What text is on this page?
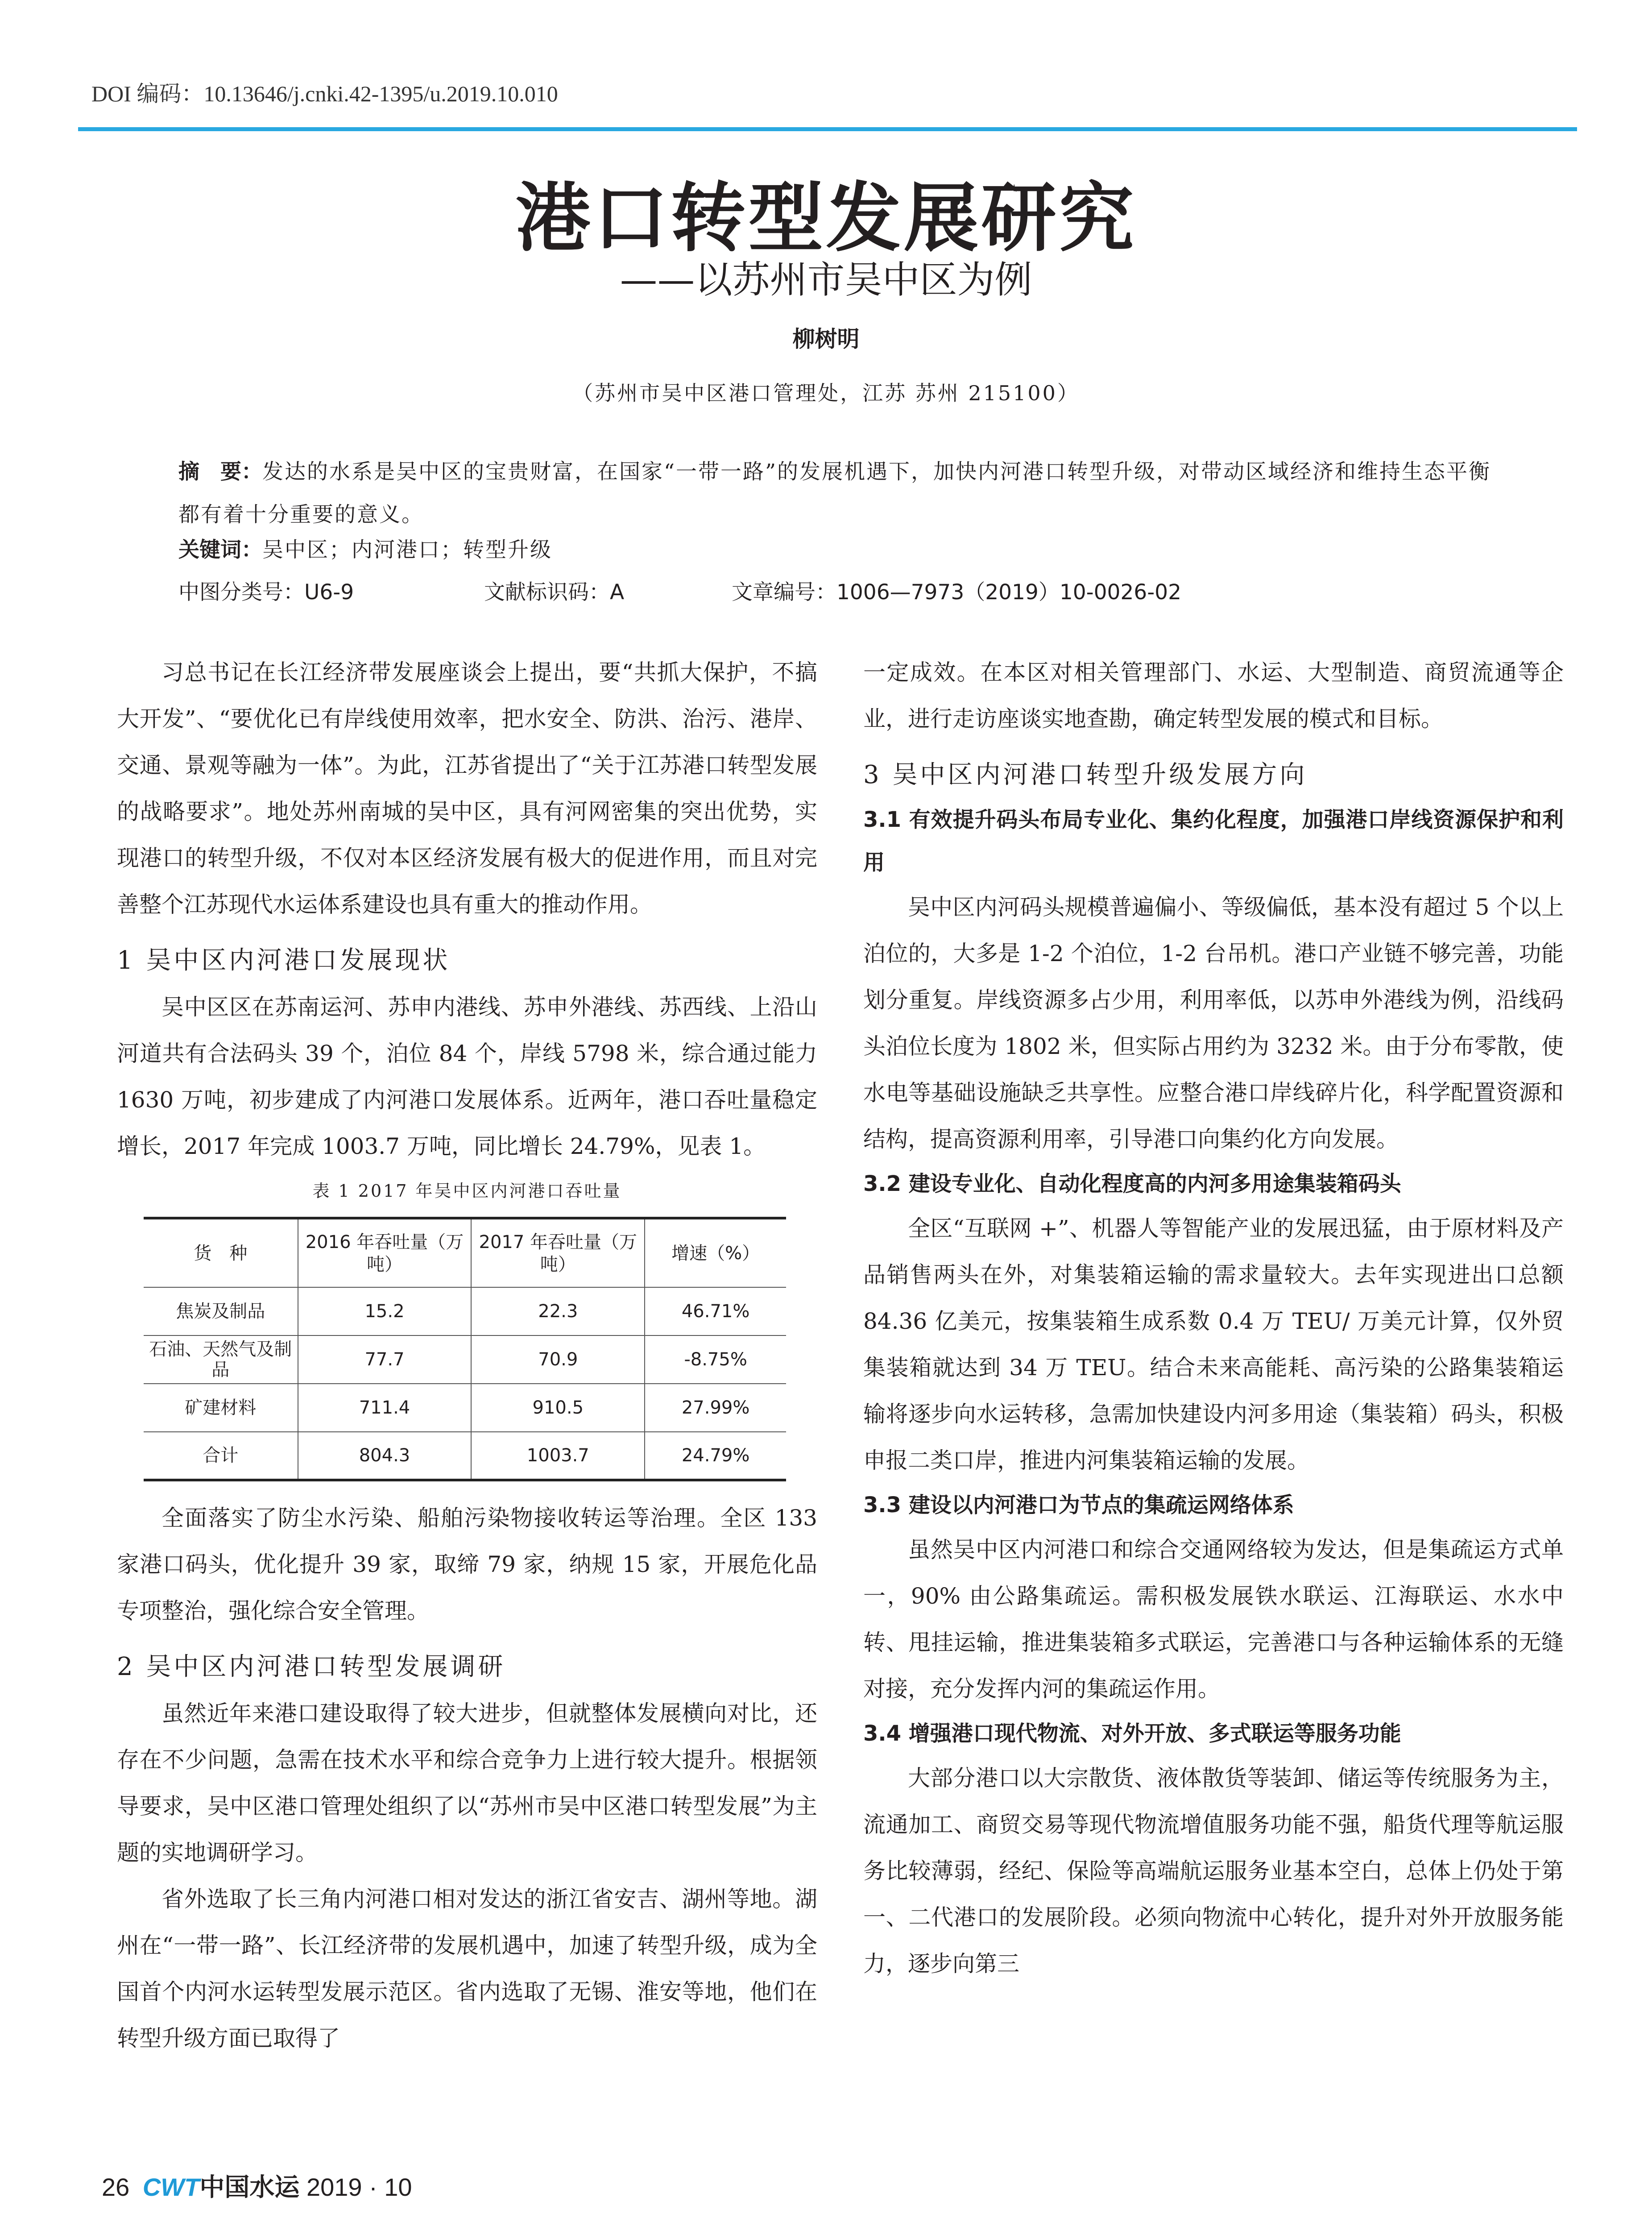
DOI 编码：10.13646/j.cnki.42-1395/u.2019.10.010
港口转型发展研究
——以苏州市吴中区为例
柳树明
（苏州市吴中区港口管理处，江苏 苏州 215100）
摘　要：发达的水系是吴中区的宝贵财富，在国家“一带一路”的发展机遇下，加快内河港口转型升级，对带动区域经济和维持生态平衡都有着十分重要的意义。
关键词：吴中区；内河港口；转型升级
中图分类号：U6-9	文献标识码：A	文章编号：1006—7973（2019）10-0026-02

习总书记在长江经济带发展座谈会上提出，要“共抓大保护，不搞大开发”、“要优化已有岸线使用效率，把水安全、防洪、治污、港岸、交通、景观等融为一体”。为此，江苏省提出了“关于江苏港口转型发展的战略要求”。地处苏州南城的吴中区，具有河网密集的突出优势，实现港口的转型升级，不仅对本区经济发展有极大的促进作用，而且对完善整个江苏现代水运体系建设也具有重大的推动作用。

1 吴中区内河港口发展现状

吴中区区在苏南运河、苏申内港线、苏申外港线、苏西线、上沿山河道共有合法码头 39 个，泊位 84 个，岸线 5798 米，综合通过能力 1630 万吨，初步建成了内河港口发展体系。近两年，港口吞吐量稳定增长，2017 年完成 1003.7 万吨，同比增长 24.79%，见表 1。

表 1 2017 年吴中区内河港口吞吐量
货　种	2016 年吞吐量（万吨）	2017 年吞吐量（万吨）	增速（%）
焦炭及制品	15.2	22.3	46.71%
石油、天然气及制品	77.7	70.9	-8.75%
矿建材料	711.4	910.5	27.99%
合计	804.3	1003.7	24.79%

全面落实了防尘水污染、船舶污染物接收转运等治理。全区 133 家港口码头，优化提升 39 家，取缔 79 家，纳规 15 家，开展危化品专项整治，强化综合安全管理。

2 吴中区内河港口转型发展调研

虽然近年来港口建设取得了较大进步，但就整体发展横向对比，还存在不少问题，急需在技术水平和综合竞争力上进行较大提升。根据领导要求，吴中区港口管理处组织了以“苏州市吴中区港口转型发展”为主题的实地调研学习。

省外选取了长三角内河港口相对发达的浙江省安吉、湖州等地。湖州在“一带一路”、长江经济带的发展机遇中，加速了转型升级，成为全国首个内河水运转型发展示范区。省内选取了无锡、淮安等地，他们在转型升级方面已取得了

一定成效。在本区对相关管理部门、水运、大型制造、商贸流通等企业，进行走访座谈实地查勘，确定转型发展的模式和目标。

3 吴中区内河港口转型升级发展方向
3.1 有效提升码头布局专业化、集约化程度，加强港口岸线资源保护和利用

吴中区内河码头规模普遍偏小、等级偏低，基本没有超过 5 个以上泊位的，大多是 1-2 个泊位，1-2 台吊机。港口产业链不够完善，功能划分重复。岸线资源多占少用，利用率低，以苏申外港线为例，沿线码头泊位长度为 1802 米，但实际占用约为 3232 米。由于分布零散，使水电等基础设施缺乏共享性。应整合港口岸线碎片化，科学配置资源和结构，提高资源利用率，引导港口向集约化方向发展。

3.2 建设专业化、自动化程度高的内河多用途集装箱码头

全区“互联网 +”、机器人等智能产业的发展迅猛，由于原材料及产品销售两头在外，对集装箱运输的需求量较大。去年实现进出口总额 84.36 亿美元，按集装箱生成系数 0.4 万 TEU/ 万美元计算，仅外贸集装箱就达到 34 万 TEU。结合未来高能耗、高污染的公路集装箱运输将逐步向水运转移，急需加快建设内河多用途（集装箱）码头，积极申报二类口岸，推进内河集装箱运输的发展。

3.3 建设以内河港口为节点的集疏运网络体系

虽然吴中区内河港口和综合交通网络较为发达，但是集疏运方式单一，90% 由公路集疏运。需积极发展铁水联运、江海联运、水水中转、甩挂运输，推进集装箱多式联运，完善港口与各种运输体系的无缝对接，充分发挥内河的集疏运作用。

3.4 增强港口现代物流、对外开放、多式联运等服务功能

大部分港口以大宗散货、液体散货等装卸、储运等传统服务为主，流通加工、商贸交易等现代物流增值服务功能不强，船货代理等航运服务比较薄弱，经纪、保险等高端航运服务业基本空白，总体上仍处于第一、二代港口的发展阶段。必须向物流中心转化，提升对外开放服务能力，逐步向第三

26 CWT中国水运 2019 · 10
